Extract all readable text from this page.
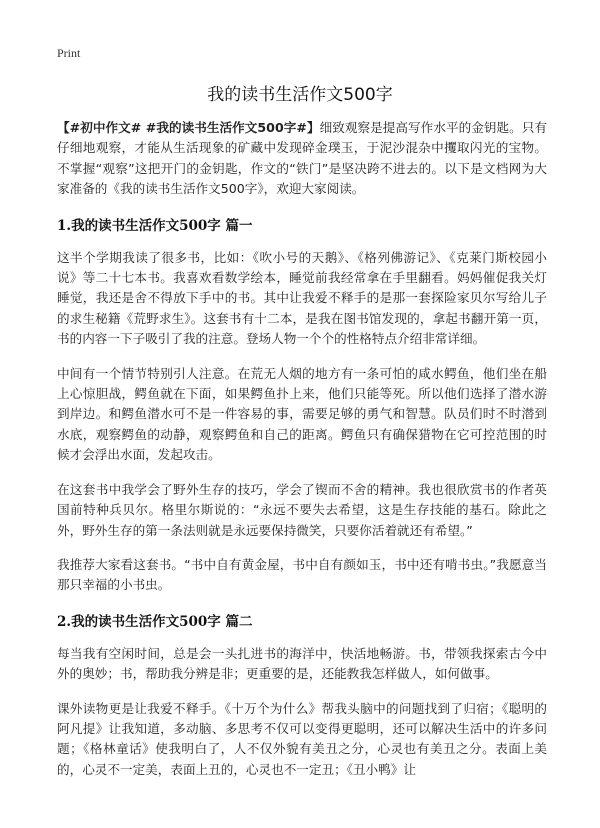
Print
我的读书生活作文500字

【#初中作文# #我的读书生活作文500字#】细致观察是提高写作水平的金钥匙。只有仔细地观察，才能从生活现象的矿藏中发现碎金璞玉，于泥沙混杂中攫取闪光的宝物。不掌握“观察”这把开门的金钥匙，作文的“铁门”是坚决跨不进去的。以下是文档网为大家准备的《我的读书生活作文500字》，欢迎大家阅读。

1.我的读书生活作文500字 篇一

这半个学期我读了很多书，比如：《吹小号的天鹅》、《格列佛游记》、《克莱门斯校园小说》等二十七本书。我喜欢看数学绘本，睡觉前我经常拿在手里翻看。妈妈催促我关灯睡觉，我还是舍不得放下手中的书。其中让我爱不释手的是那一套探险家贝尔写给儿子的求生秘籍《荒野求生》。这套书有十二本，是我在图书馆发现的，拿起书翻开第一页，书的内容一下子吸引了我的注意。登场人物一个个的性格特点介绍非常详细。

中间有一个情节特别引人注意。在荒无人烟的地方有一条可怕的咸水鳄鱼，他们坐在船上心惊胆战，鳄鱼就在下面，如果鳄鱼扑上来，他们只能等死。所以他们选择了潜水游到岸边。和鳄鱼潜水可不是一件容易的事，需要足够的勇气和智慧。队员们时不时潜到水底，观察鳄鱼的动静，观察鳄鱼和自己的距离。鳄鱼只有确保猎物在它可控范围的时候才会浮出水面，发起攻击。

在这套书中我学会了野外生存的技巧，学会了锲而不舍的精神。我也很欣赏书的作者英国前特种兵贝尔。格里尔斯说的：“永远不要失去希望，这是生存技能的基石。除此之外，野外生存的第一条法则就是永远要保持微笑，只要你活着就还有希望。”

我推荐大家看这套书。“书中自有黄金屋，书中自有颜如玉，书中还有啃书虫。”我愿意当那只幸福的小书虫。

2.我的读书生活作文500字 篇二

每当我有空闲时间，总是会一头扎进书的海洋中，快活地畅游。书，带领我探索古今中外的奥妙；书，帮助我分辨是非；更重要的是，还能教我怎样做人，如何做事。

课外读物更是让我爱不释手。《十万个为什么》帮我头脑中的问题找到了归宿；《聪明的阿凡提》让我知道，多动脑、多思考不仅可以变得更聪明，还可以解决生活中的许多问题；《格林童话》使我明白了，人不仅外貌有美丑之分，心灵也有美丑之分。表面上美的，心灵不一定美，表面上丑的，心灵也不一定丑；《丑小鸭》让
